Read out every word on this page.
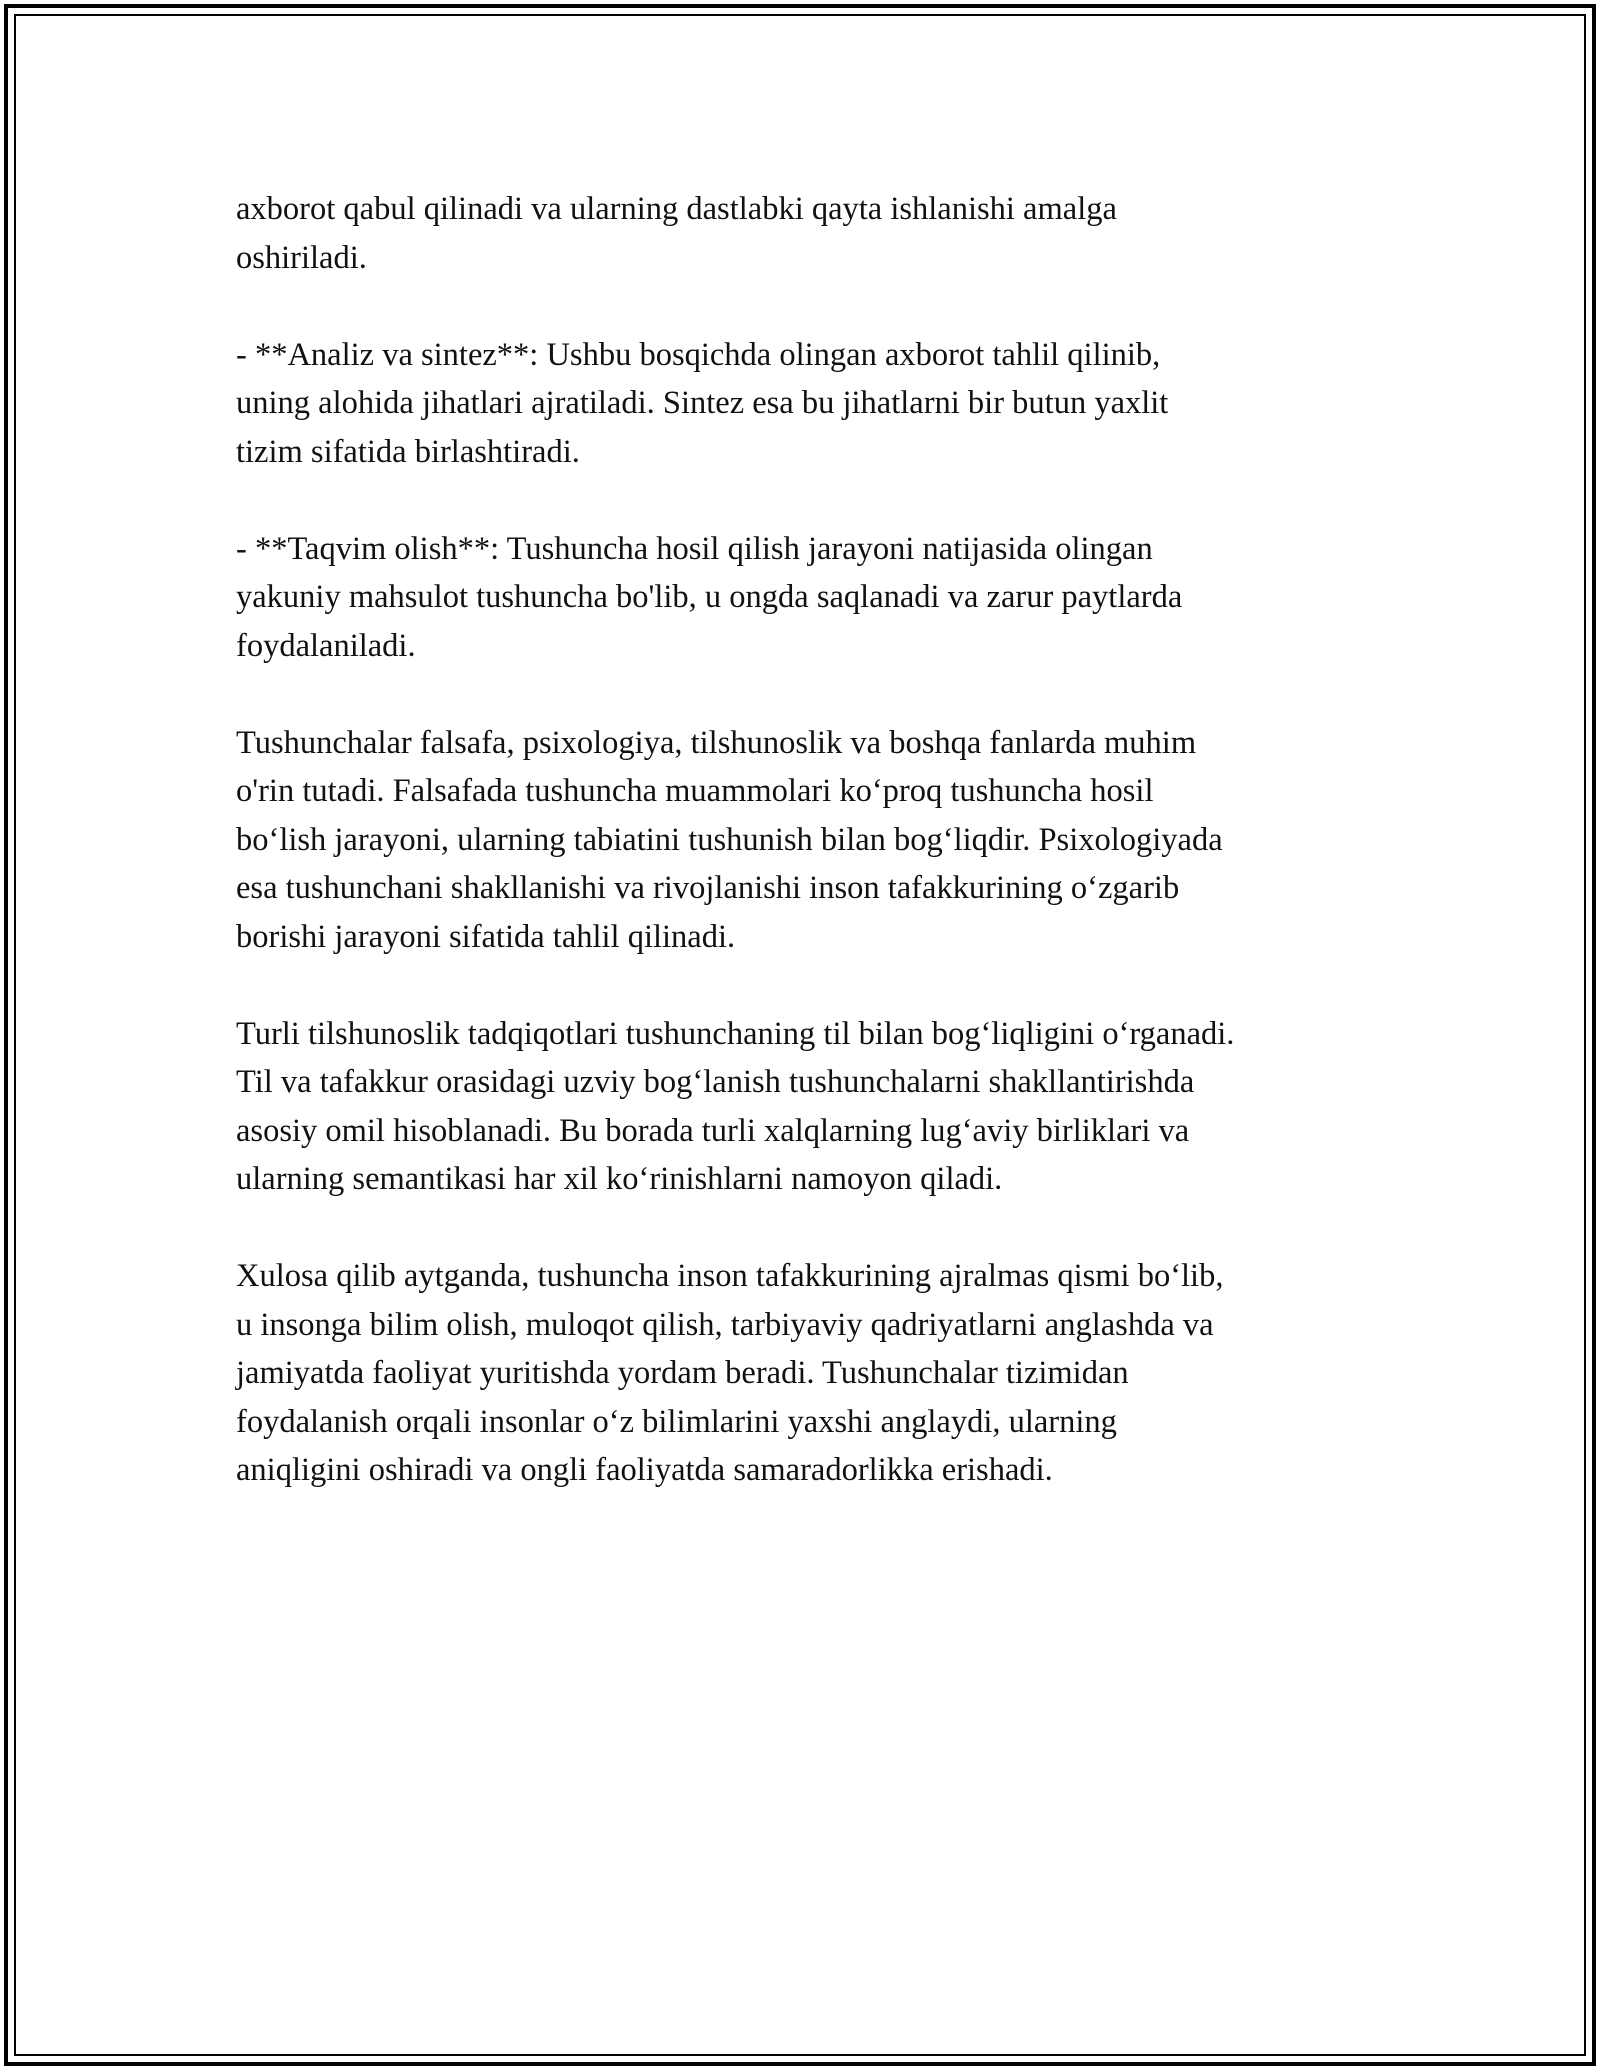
axborot qabul qilinadi va ularning dastlabki qayta ishlanishi amalga
oshiriladi.

- **Analiz va sintez**: Ushbu bosqichda olingan axborot tahlil qilinib,
uning alohida jihatlari ajratiladi. Sintez esa bu jihatlarni bir butun yaxlit
tizim sifatida birlashtiradi.

- **Taqvim olish**: Tushuncha hosil qilish jarayoni natijasida olingan
yakuniy mahsulot tushuncha bo'lib, u ongda saqlanadi va zarur paytlarda
foydalaniladi.

Tushunchalar falsafa, psixologiya, tilshunoslik va boshqa fanlarda muhim
o'rin tutadi. Falsafada tushuncha muammolari ko‘proq tushuncha hosil
bo‘lish jarayoni, ularning tabiatini tushunish bilan bog‘liqdir. Psixologiyada
esa tushunchani shakllanishi va rivojlanishi inson tafakkurining o‘zgarib
borishi jarayoni sifatida tahlil qilinadi.

Turli tilshunoslik tadqiqotlari tushunchaning til bilan bog‘liqligini o‘rganadi.
Til va tafakkur orasidagi uzviy bog‘lanish tushunchalarni shakllantirishda
asosiy omil hisoblanadi. Bu borada turli xalqlarning lug‘aviy birliklari va
ularning semantikasi har xil ko‘rinishlarni namoyon qiladi.

Xulosa qilib aytganda, tushuncha inson tafakkurining ajralmas qismi bo‘lib,
u insonga bilim olish, muloqot qilish, tarbiyaviy qadriyatlarni anglashda va
jamiyatda faoliyat yuritishda yordam beradi. Tushunchalar tizimidan
foydalanish orqali insonlar o‘z bilimlarini yaxshi anglaydi, ularning
aniqligini oshiradi va ongli faoliyatda samaradorlikka erishadi.
